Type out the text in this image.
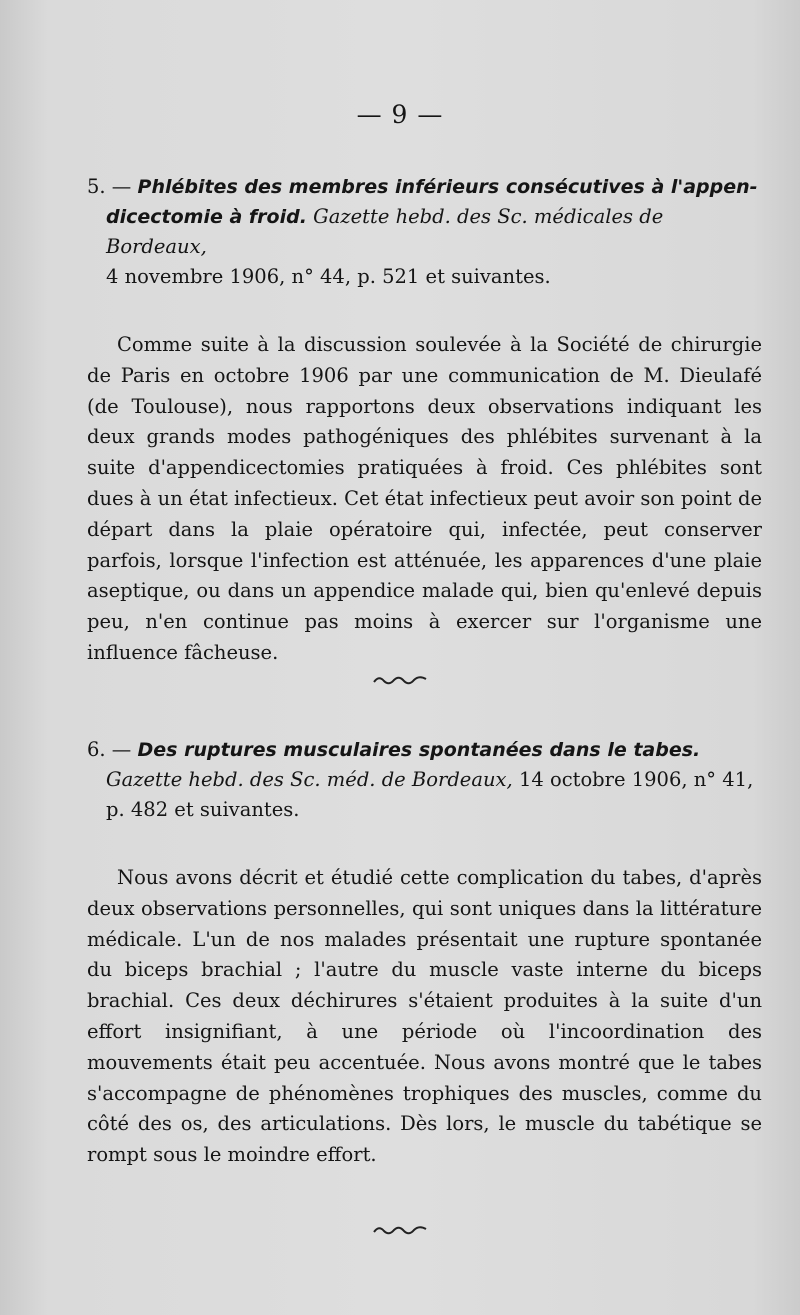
— 9 —
5. — Phlébites des membres inférieurs consécutives à l'appen-
dicectomie à froid. Gazette hebd. des Sc. médicales de Bordeaux,
4 novembre 1906, n° 44, p. 521 et suivantes.

Comme suite à la discussion soulevée à la Société de chirurgie de Paris en octobre 1906 par une communication de M. Dieulafé (de Toulouse), nous rapportons deux observations indiquant les deux grands modes pathogéniques des phlébites survenant à la suite d'appendicectomies pratiquées à froid. Ces phlébites sont dues à un état infectieux. Cet état infectieux peut avoir son point de départ dans la plaie opératoire qui, infectée, peut conserver parfois, lorsque l'infection est atténuée, les apparences d'une plaie aseptique, ou dans un appendice malade qui, bien qu'enlevé depuis peu, n'en continue pas moins à exercer sur l'organisme une influence fâcheuse.

6. — Des ruptures musculaires spontanées dans le tabes.
Gazette hebd. des Sc. méd. de Bordeaux, 14 octobre 1906, n° 41,
p. 482 et suivantes.

Nous avons décrit et étudié cette complication du tabes, d'après deux observations personnelles, qui sont uniques dans la littérature médicale. L'un de nos malades présentait une rupture spontanée du biceps brachial ; l'autre du muscle vaste interne du biceps brachial. Ces deux déchirures s'étaient produites à la suite d'un effort insignifiant, à une période où l'incoordination des mouvements était peu accentuée. Nous avons montré que le tabes s'accompagne de phénomènes trophiques des muscles, comme du côté des os, des articulations. Dès lors, le muscle du tabétique se rompt sous le moindre effort.
